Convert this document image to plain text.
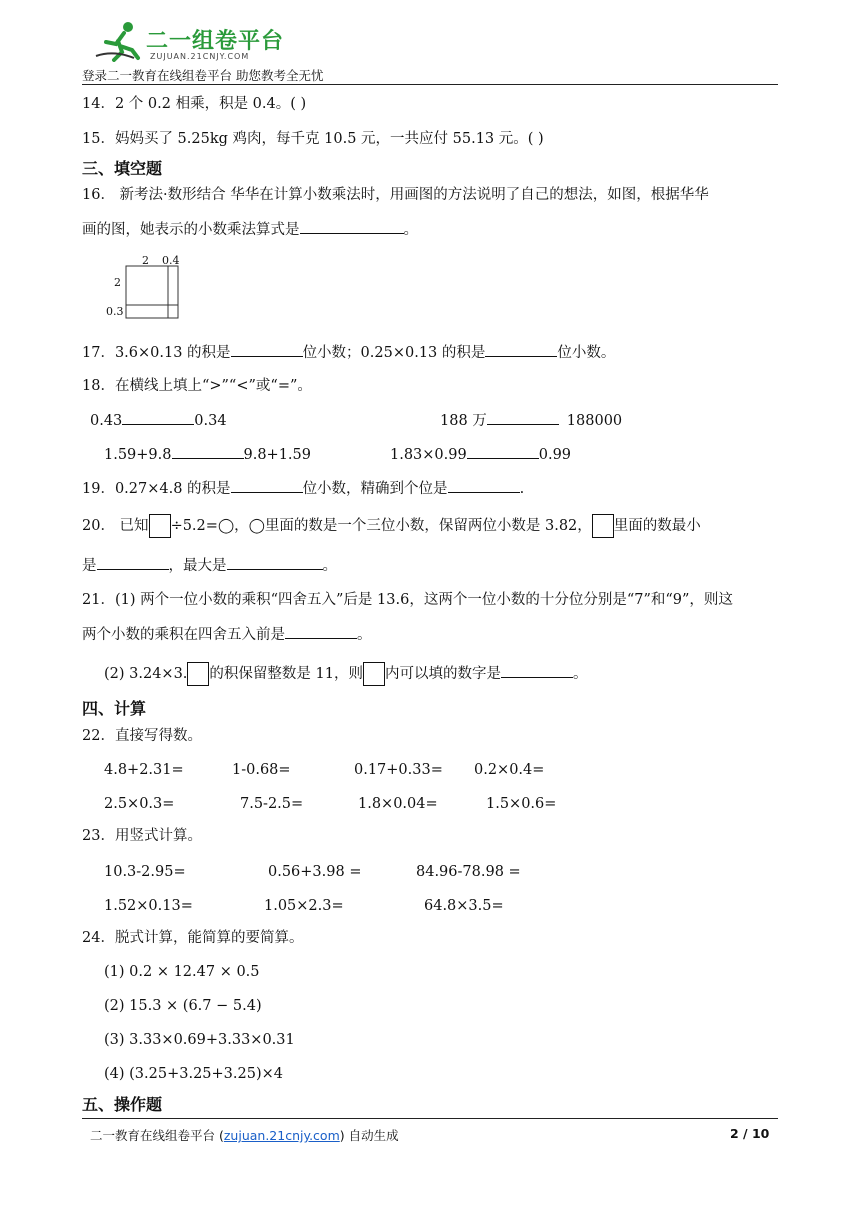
二一组卷平台
ZUJUAN.21CNJY.COM
登录二一教育在线组卷平台 助您教考全无忧
14．2 个 0.2 相乘，积是 0.4。( )
15．妈妈买了 5.25kg 鸡肉，每千克 10.5 元，一共应付 55.13 元。( )
三、填空题
16． 新考法·数形结合 华华在计算小数乘法时，用画图的方法说明了自己的想法，如图，根据华华
画的图，她表示的小数乘法算式是	。
2 0.4
2
0.3
17．3.6×0.13 的积是	位小数；0.25×0.13 的积是	位小数。
18．在横线上填上“>”“<”或“=”。
0.43	0.34	188 万	188000
1.59+9.8	9.8+1.59	1.83×0.99	0.99
19．0.27×4.8 的积是	位小数，精确到个位是	.
20． 已知 ÷5.2=◯，◯里面的数是一个三位小数，保留两位小数是 3.82， 里面的数最小
是	，最大是	。
21．(1) 两个一位小数的乘积“四舍五入”后是 13.6，这两个一位小数的十分位分别是“7”和“9”，则这
两个小数的乘积在四舍五入前是	。
(2) 3.24×3. 的积保留整数是 11，则 内可以填的数字是	。
四、计算
22．直接写得数。
4.8+2.31=	1-0.68=	0.17+0.33= 0.2×0.4=
2.5×0.3=	7.5-2.5=	1.8×0.04=	1.5×0.6=
23．用竖式计算。
10.3-2.95=	0.56+3.98 =	84.96-78.98 =
1.52×0.13=	1.05×2.3=	64.8×3.5=
24．脱式计算，能简算的要简算。
(1) 0.2 × 12.47 × 0.5
(2) 15.3 × (6.7 − 5.4)
(3) 3.33×0.69+3.33×0.31
(4) (3.25+3.25+3.25)×4
五、操作题
二一教育在线组卷平台 (zujuan.21cnjy.com) 自动生成	2 / 10
